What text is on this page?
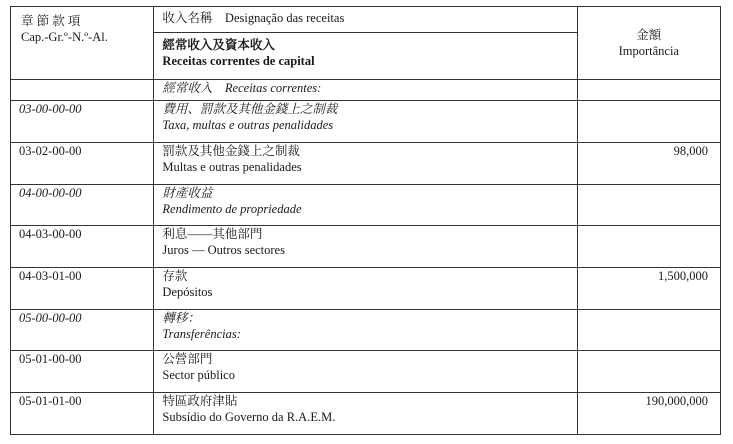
章 節 款 項
Cap.-Gr.º-N.º-Al.	收入名稱　Designação das receitas	金額
Importância

	經常收入及資本收入
Receitas correntes de capital	

	經常收入　Receitas correntes:	
03-00-00-00	費用、罰款及其他金錢上之制裁
Taxa, multas e outras penalidades	

03-02-00-00	罰款及其他金錢上之制裁
Multas e outras penalidades	98,000
04-00-00-00	財產收益
Rendimento de propriedade	

04-03-00-00	利息——其他部門
Juros — Outros sectores	

04-03-01-00	存款
Depósitos	1,500,000
05-00-00-00	轉移：
Transferências:	

05-01-00-00	公營部門
Sector público	

05-01-01-00	特區政府津貼
Subsídio do Governo da R.A.E.M.	190,000,000
